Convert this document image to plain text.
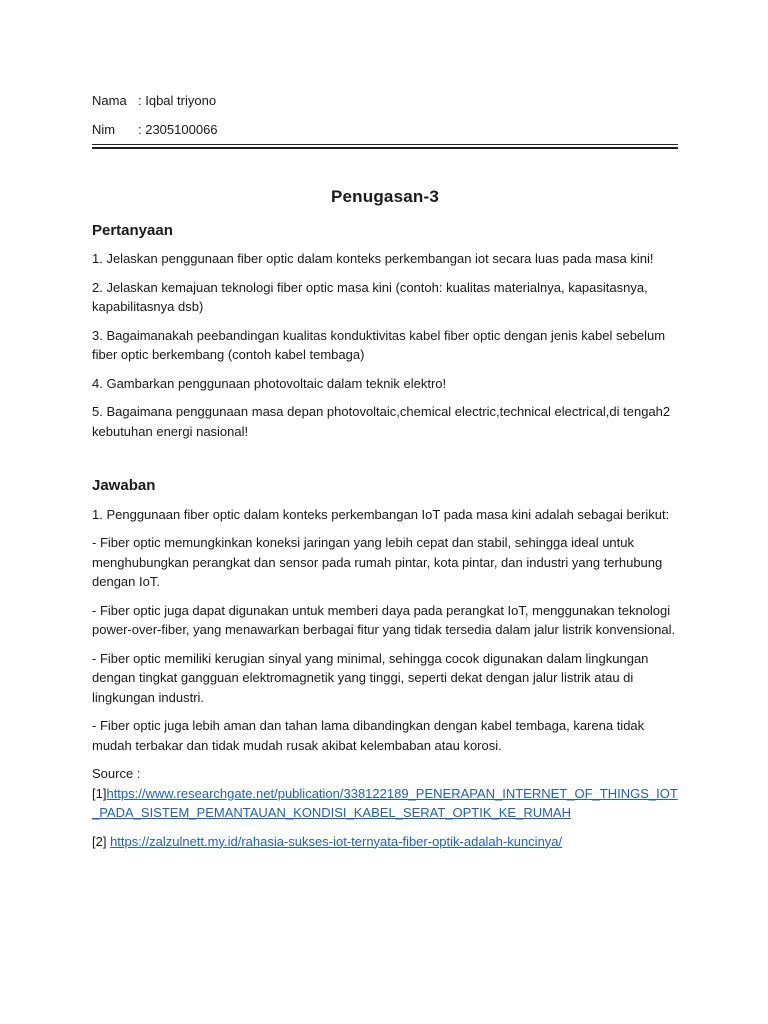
Nama : Iqbal triyono
Nim	: 2305100066
Penugasan-3
Pertanyaan

1. Jelaskan penggunaan fiber optic dalam konteks perkembangan iot secara luas pada masa kini!

2. Jelaskan kemajuan teknologi fiber optic masa kini (contoh: kualitas materialnya, kapasitasnya, kapabilitasnya dsb)

3. Bagaimanakah peebandingan kualitas konduktivitas kabel fiber optic dengan jenis kabel sebelum fiber optic berkembang (contoh kabel tembaga)

4. Gambarkan penggunaan photovoltaic dalam teknik elektro!

5. Bagaimana penggunaan masa depan photovoltaic,chemical electric,technical electrical,di tengah2 kebutuhan energi nasional!

Jawaban

1. Penggunaan fiber optic dalam konteks perkembangan IoT pada masa kini adalah sebagai berikut:

- Fiber optic memungkinkan koneksi jaringan yang lebih cepat dan stabil, sehingga ideal untuk menghubungkan perangkat dan sensor pada rumah pintar, kota pintar, dan industri yang terhubung dengan IoT.

- Fiber optic juga dapat digunakan untuk memberi daya pada perangkat IoT, menggunakan teknologi power-over-fiber, yang menawarkan berbagai fitur yang tidak tersedia dalam jalur listrik konvensional.

- Fiber optic memiliki kerugian sinyal yang minimal, sehingga cocok digunakan dalam lingkungan dengan tingkat gangguan elektromagnetik yang tinggi, seperti dekat dengan jalur listrik atau di lingkungan industri.

- Fiber optic juga lebih aman dan tahan lama dibandingkan dengan kabel tembaga, karena tidak mudah terbakar dan tidak mudah rusak akibat kelembaban atau korosi.

Source :

[1]https://www.researchgate.net/publication/338122189_PENERAPAN_INTERNET_OF_THINGS_IOT_PADA_SISTEM_PEMANTAUAN_KONDISI_KABEL_SERAT_OPTIK_KE_RUMAH

[2] https://zalzulnett.my.id/rahasia-sukses-iot-ternyata-fiber-optik-adalah-kuncinya/
